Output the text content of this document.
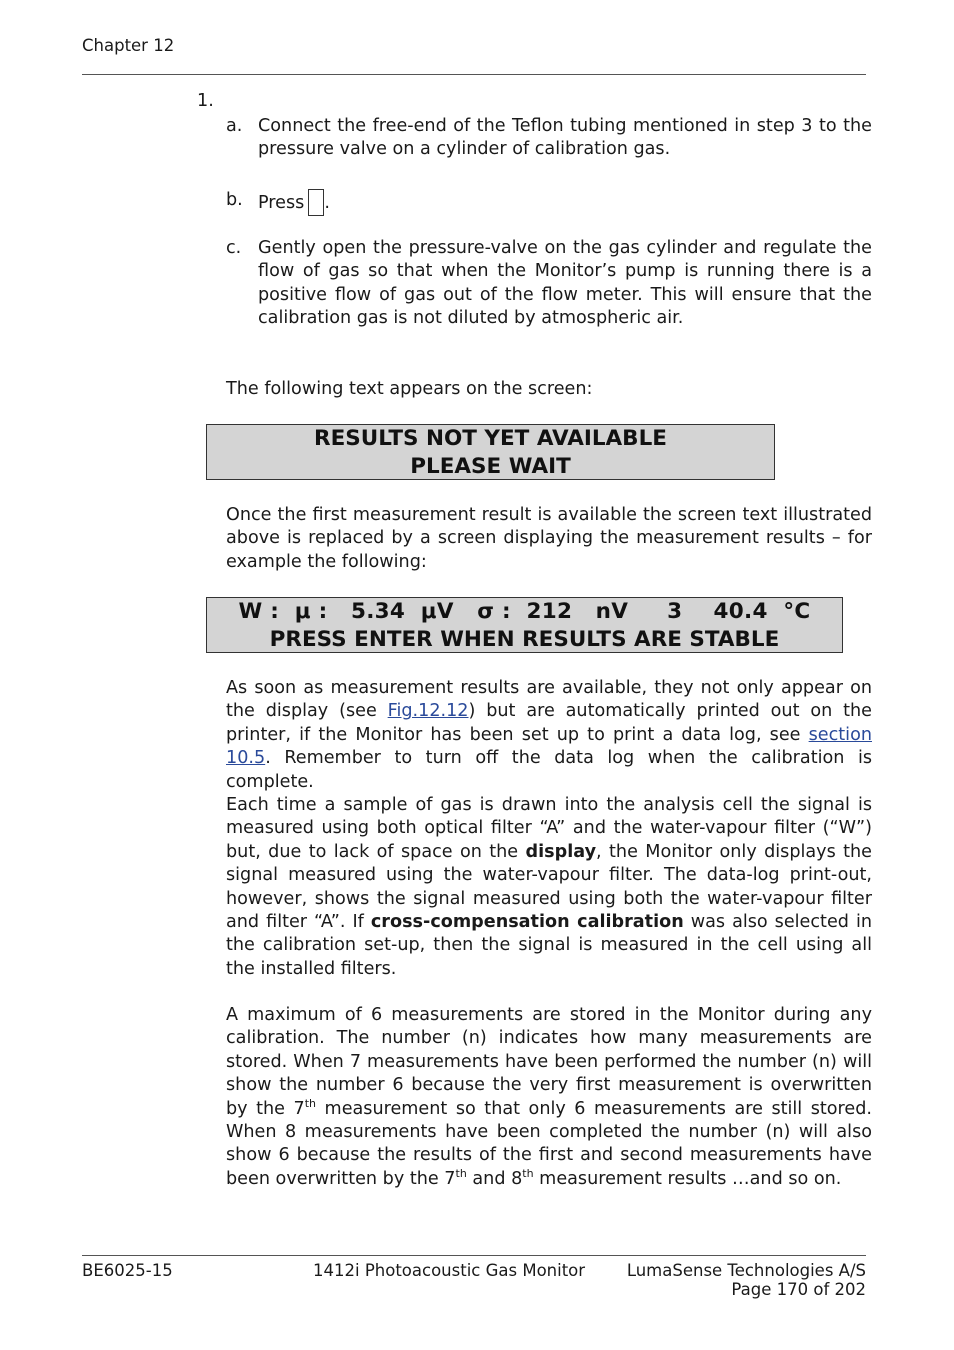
Chapter 12
1.
a. Connect the free-end of the Teflon tubing mentioned in step 3 to the pressure valve on a cylinder of calibration gas.
b. Press .
c. Gently open the pressure-valve on the gas cylinder and regulate the flow of gas so that when the Monitor’s pump is running there is a positive flow of gas out of the flow meter. This will ensure that the calibration gas is not diluted by atmospheric air.
The following text appears on the screen:
RESULTS NOT YET AVAILABLE
PLEASE WAIT
Once the first measurement result is available the screen text illustrated above is replaced by a screen displaying the measurement results – for example the following:
W : μ : 5.34 μV σ : 212 nV 3 40.4 °C
PRESS ENTER WHEN RESULTS ARE STABLE
As soon as measurement results are available, they not only appear on the display (see Fig.12.12) but are automatically printed out on the printer, if the Monitor has been set up to print a data log, see section 10.5. Remember to turn off the data log when the calibration is complete.
Each time a sample of gas is drawn into the analysis cell the signal is measured using both optical filter “A” and the water-vapour filter (“W”) but, due to lack of space on the display, the Monitor only displays the signal measured using the water-vapour filter. The data-log print-out, however, shows the signal measured using both the water-vapour filter and filter “A”. If cross-compensation calibration was also selected in the calibration set-up, then the signal is measured in the cell using all the installed filters.
A maximum of 6 measurements are stored in the Monitor during any calibration. The number (n) indicates how many measurements are stored. When 7 measurements have been performed the number (n) will show the number 6 because the very first measurement is overwritten by the 7th measurement so that only 6 measurements are still stored. When 8 measurements have been completed the number (n) will also show 6 because the results of the first and second measurements have been overwritten by the 7th and 8th measurement results …and so on.
BE6025-15	1412i Photoacoustic Gas Monitor	LumaSense Technologies A/S
Page 170 of 202
